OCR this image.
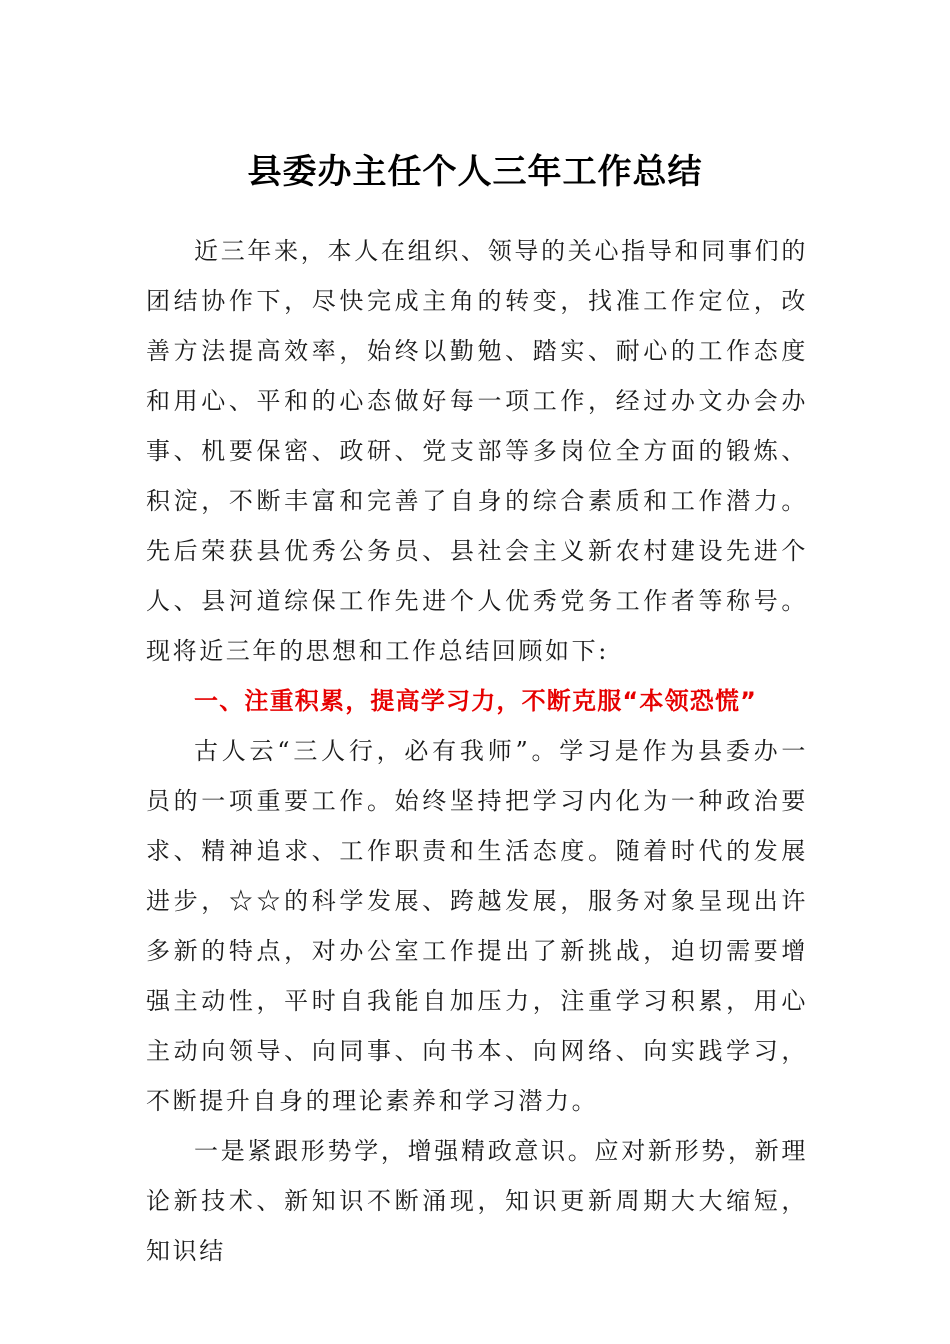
县委办主任个人三年工作总结

近三年来，本人在组织、领导的关心指导和同事们的团结协作下，尽快完成主角的转变，找准工作定位，改善方法提高效率，始终以勤勉、踏实、耐心的工作态度和用心、平和的心态做好每一项工作，经过办文办会办事、机要保密、政研、党支部等多岗位全方面的锻炼、积淀，不断丰富和完善了自身的综合素质和工作潜力。先后荣获县优秀公务员、县社会主义新农村建设先进个人、县河道综保工作先进个人优秀党务工作者等称号。现将近三年的思想和工作总结回顾如下:

一、注重积累，提高学习力，不断克服“本领恐慌”

古人云“三人行，必有我师”。学习是作为县委办一员的一项重要工作。始终坚持把学习内化为一种政治要求、精神追求、工作职责和生活态度。随着时代的发展进步，☆☆的科学发展、跨越发展，服务对象呈现出许多新的特点，对办公室工作提出了新挑战，迫切需要增强主动性，平时自我能自加压力，注重学习积累，用心主动向领导、向同事、向书本、向网络、向实践学习，不断提升自身的理论素养和学习潜力。

一是紧跟形势学，增强精政意识。应对新形势，新理论新技术、新知识不断涌现，知识更新周期大大缩短，知识结
